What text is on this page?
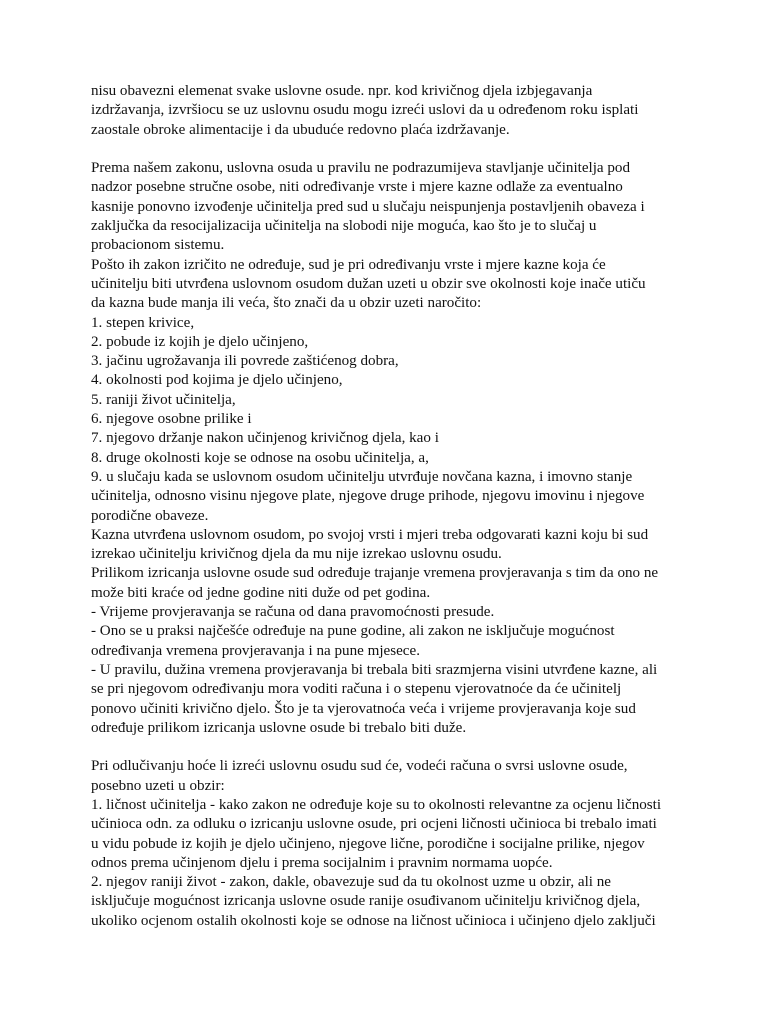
nisu obavezni elemenat svake uslovne osude. npr. kod krivičnog djela izbjegavanja
izdržavanja, izvršiocu se uz uslovnu osudu mogu izreći uslovi da u određenom roku isplati
zaostale obroke alimentacije i da ubuduće redovno plaća izdržavanje.
Prema našem zakonu, uslovna osuda u pravilu ne podrazumijeva stavljanje učinitelja pod
nadzor posebne stručne osobe, niti određivanje vrste i mjere kazne odlaže za eventualno
kasnije ponovno izvođenje učinitelja pred sud u slučaju neispunjenja postavljenih obaveza i
zaključka da resocijalizacija učinitelja na slobodi nije moguća, kao što je to slučaj u
probacionom sistemu.
Pošto ih zakon izričito ne određuje, sud je pri određivanju vrste i mjere kazne koja će
učinitelju biti utvrđena uslovnom osudom dužan uzeti u obzir sve okolnosti koje inače utiču
da kazna bude manja ili veća, što znači da u obzir uzeti naročito:
1. stepen krivice,
2. pobude iz kojih je djelo učinjeno,
3. jačinu ugrožavanja ili povrede zaštićenog dobra,
4. okolnosti pod kojima je djelo učinjeno,
5. raniji život učinitelja,
6. njegove osobne prilike i
7. njegovo držanje nakon učinjenog krivičnog djela, kao i
8. druge okolnosti koje se odnose na osobu učinitelja, a,
9. u slučaju kada se uslovnom osudom učinitelju utvrđuje novčana kazna, i imovno stanje
učinitelja, odnosno visinu njegove plate, njegove druge prihode, njegovu imovinu i njegove
porodične obaveze.
Kazna utvrđena uslovnom osudom, po svojoj vrsti i mjeri treba odgovarati kazni koju bi sud
izrekao učinitelju krivičnog djela da mu nije izrekao uslovnu osudu.
Prilikom izricanja uslovne osude sud određuje trajanje vremena provjeravanja s tim da ono ne
može biti kraće od jedne godine niti duže od pet godina.
- Vrijeme provjeravanja se računa od dana pravomoćnosti presude.
- Ono se u praksi najčešće određuje na pune godine, ali zakon ne isključuje mogućnost
određivanja vremena provjeravanja i na pune mjesece.
- U pravilu, dužina vremena provjeravanja bi trebala biti srazmjerna visini utvrđene kazne, ali
se pri njegovom određivanju mora voditi računa i o stepenu vjerovatnoće da će učinitelj
ponovo učiniti krivično djelo. Što je ta vjerovatnoća veća i vrijeme provjeravanja koje sud
određuje prilikom izricanja uslovne osude bi trebalo biti duže.
Pri odlučivanju hoće li izreći uslovnu osudu sud će, vodeći računa o svrsi uslovne osude,
posebno uzeti u obzir:
1. ličnost učinitelja - kako zakon ne određuje koje su to okolnosti relevantne za ocjenu ličnosti
učinioca odn. za odluku o izricanju uslovne osude, pri ocjeni ličnosti učinioca bi trebalo imati
u vidu pobude iz kojih je djelo učinjeno, njegove lične, porodične i socijalne prilike, njegov
odnos prema učinjenom djelu i prema socijalnim i pravnim normama uopće.
2. njegov raniji život - zakon, dakle, obavezuje sud da tu okolnost uzme u obzir, ali ne
isključuje mogućnost izricanja uslovne osude ranije osuđivanom učinitelju krivičnog djela,
ukoliko ocjenom ostalih okolnosti koje se odnose na ličnost učinioca i učinjeno djelo zaključi
